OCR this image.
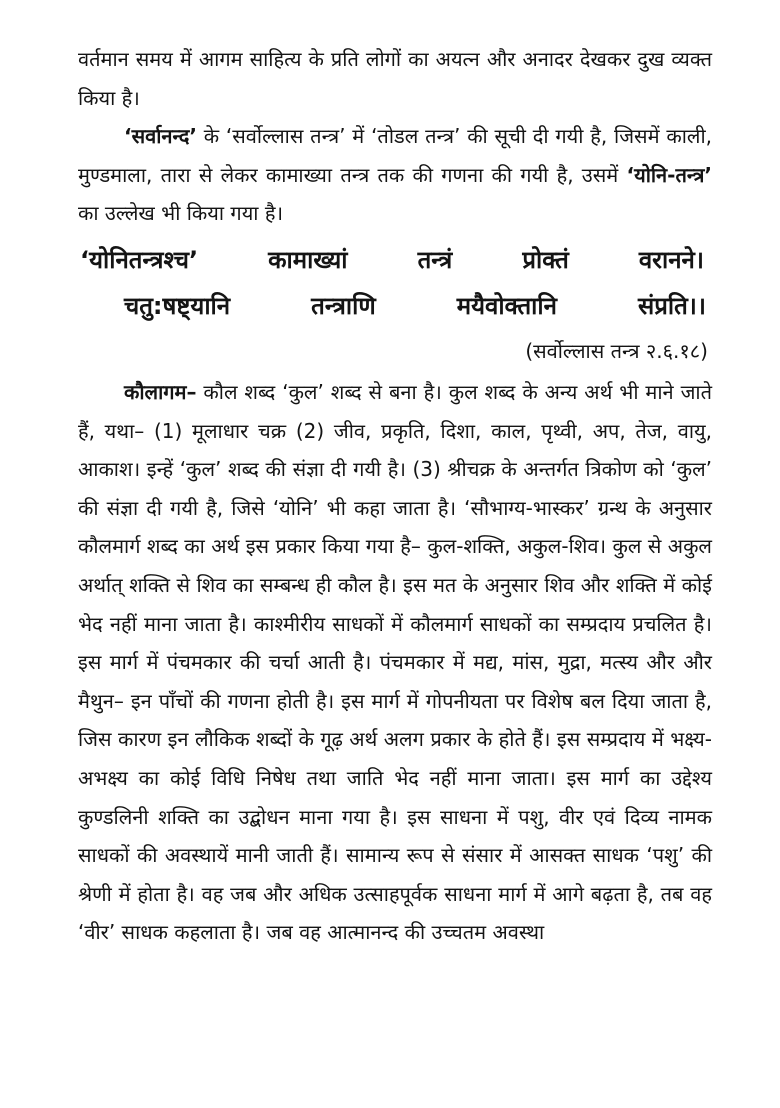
वर्तमान समय में आगम साहित्य के प्रति लोगों का अयत्न और अनादर देखकर दुख व्यक्त किया है।

‘सर्वानन्द’ के ‘सर्वोल्लास तन्त्र’ में ‘तोडल तन्त्र’ की सूची दी गयी है, जिसमें काली, मुण्डमाला, तारा से लेकर कामाख्या तन्त्र तक की गणना की गयी है, उसमें ‘योनि-तन्त्र’ का उल्लेख भी किया गया है।

‘योनितन्त्रश्च’	कामाख्यां	तन्त्रं	प्रोक्तं	वरानने।
चतु:षष्ट्यानि	तन्त्राणि	मयैवोक्तानि	संप्रति।।
(सर्वोल्लास तन्त्र २.६.१८)

कौलागम– कौल शब्द ‘कुल’ शब्द से बना है। कुल शब्द के अन्य अर्थ भी माने जाते हैं, यथा– (1) मूलाधार चक्र (2) जीव, प्रकृति, दिशा, काल, पृथ्वी, अप, तेज, वायु, आकाश। इन्हें ‘कुल’ शब्द की संज्ञा दी गयी है। (3) श्रीचक्र के अन्तर्गत त्रिकोण को ‘कुल’ की संज्ञा दी गयी है, जिसे ‘योनि’ भी कहा जाता है। ‘सौभाग्य-भास्कर’ ग्रन्थ के अनुसार कौलमार्ग शब्द का अर्थ इस प्रकार किया गया है– कुल-शक्ति, अकुल-शिव। कुल से अकुल अर्थात् शक्ति से शिव का सम्बन्ध ही कौल है। इस मत के अनुसार शिव और शक्ति में कोई भेद नहीं माना जाता है। काश्मीरीय साधकों में कौलमार्ग साधकों का सम्प्रदाय प्रचलित है। इस मार्ग में पंचमकार की चर्चा आती है। पंचमकार में मद्य, मांस, मुद्रा, मत्स्य और और मैथुन– इन पाँचों की गणना होती है। इस मार्ग में गोपनीयता पर विशेष बल दिया जाता है, जिस कारण इन लौकिक शब्दों के गूढ़ अर्थ अलग प्रकार के होते हैं। इस सम्प्रदाय में भक्ष्य-अभक्ष्य का कोई विधि निषेध तथा जाति भेद नहीं माना जाता। इस मार्ग का उद्देश्य कुण्डलिनी शक्ति का उद्बोधन माना गया है। इस साधना में पशु, वीर एवं दिव्य नामक साधकों की अवस्थायें मानी जाती हैं। सामान्य रूप से संसार में आसक्त साधक ‘पशु’ की श्रेणी में होता है। वह जब और अधिक उत्साहपूर्वक साधना मार्ग में आगे बढ़ता है, तब वह ‘वीर’ साधक कहलाता है। जब वह आत्मानन्द की उच्चतम अवस्था
